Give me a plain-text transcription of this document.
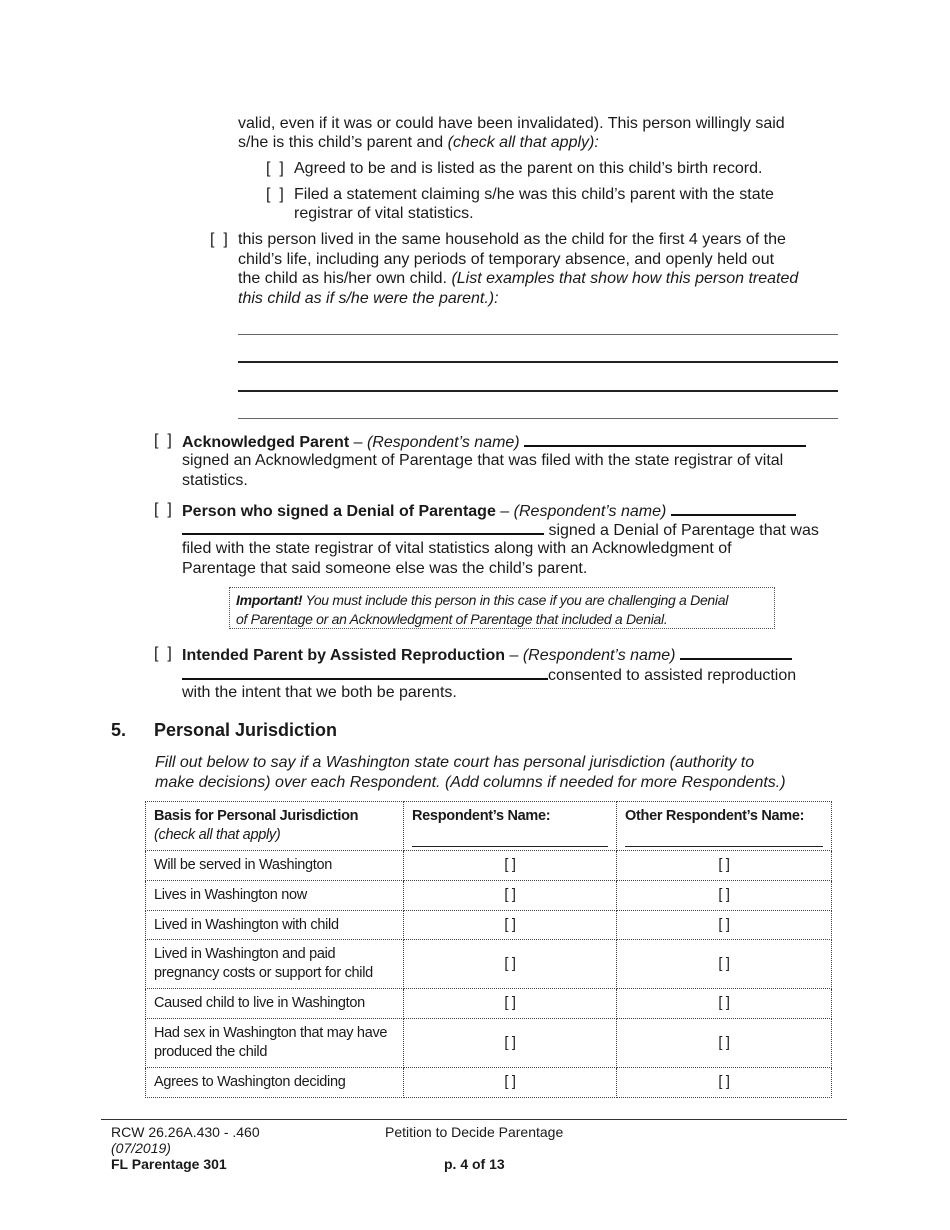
valid, even if it was or could have been invalidated). This person willingly said
s/he is this child’s parent and (check all that apply):
[  ] Agreed to be and is listed as the parent on this child’s birth record.
[  ] Filed a statement claiming s/he was this child’s parent with the state
registrar of vital statistics.
[  ] this person lived in the same household as the child for the first 4 years of the
child’s life, including any periods of temporary absence, and openly held out
the child as his/her own child. (List examples that show how this person treated
this child as if s/he were the parent.):
[  ] Acknowledged Parent – (Respondent’s name)
signed an Acknowledgment of Parentage that was filed with the state registrar of vital
statistics.
[  ] Person who signed a Denial of Parentage – (Respondent’s name)
signed a Denial of Parentage that was
filed with the state registrar of vital statistics along with an Acknowledgment of
Parentage that said someone else was the child’s parent.
Important! You must include this person in this case if you are challenging a Denial
of Parentage or an Acknowledgment of Parentage that included a Denial.
[  ] Intended Parent by Assisted Reproduction – (Respondent’s name)
consented to assisted reproduction
with the intent that we both be parents.
5. Personal Jurisdiction
Fill out below to say if a Washington state court has personal jurisdiction (authority to
make decisions) over each Respondent. (Add columns if needed for more Respondents.)
Basis for Personal Jurisdiction
(check all that apply)	Respondent’s Name:	Other Respondent’s Name:

Will be served in Washington	[ ]	[ ]
Lives in Washington now	[ ]	[ ]
Lived in Washington with child	[ ]	[ ]

Lived in Washington and paid
pregnancy costs or support for child	[ ]	[ ]
Caused child to live in Washington	[ ]	[ ]

Had sex in Washington that may have
produced the child	[ ]	[ ]
Agrees to Washington deciding	[ ]	[ ]
RCW 26.26A.430 - .460
(07/2019)
FL Parentage 301
Petition to Decide Parentage
p. 4 of 13
